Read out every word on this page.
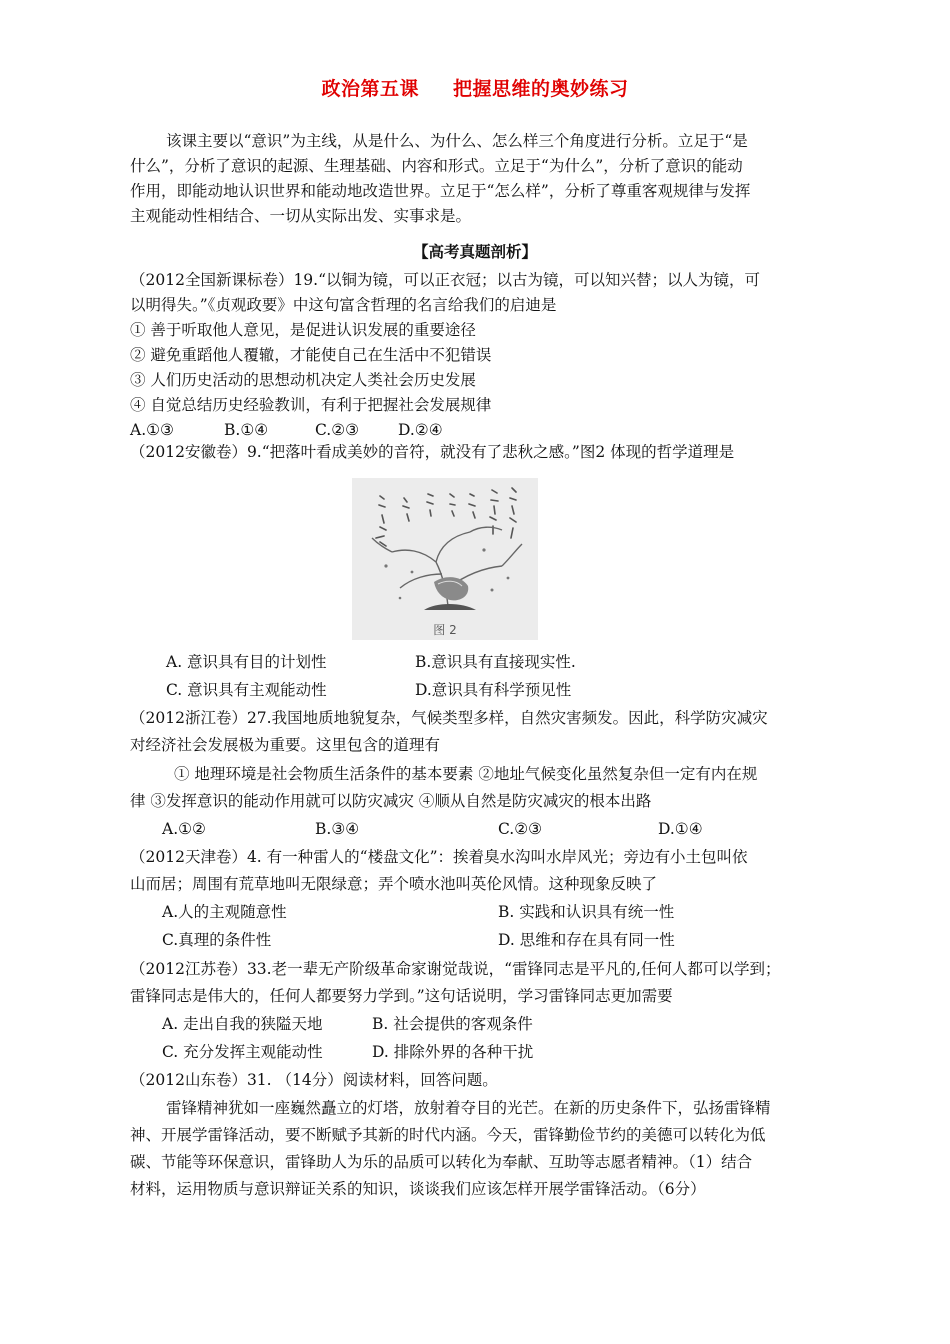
政治第五课 把握思维的奥妙练习
该课主要以“意识”为主线，从是什么、为什么、怎么样三个角度进行分析。立足于“是
什么”，分析了意识的起源、生理基础、内容和形式。立足于“为什么”，分析了意识的能动
作用，即能动地认识世界和能动地改造世界。立足于“怎么样”，分析了尊重客观规律与发挥
主观能动性相结合、一切从实际出发、实事求是。
【高考真题剖析】
（2012全国新课标卷）19.“以铜为镜，可以正衣冠；以古为镜，可以知兴替；以人为镜，可
以明得失。”《贞观政要》中这句富含哲理的名言给我们的启迪是
① 善于听取他人意见，是促进认识发展的重要途径
② 避免重蹈他人覆辙，才能使自己在生活中不犯错误
③ 人们历史活动的思想动机决定人类社会历史发展
④ 自觉总结历史经验教训，有利于把握社会发展规律
A.①③	B.①④	C.②③	D.②④
（2012安徽卷）9.“把落叶看成美妙的音符，就没有了悲秋之感。”图2 体现的哲学道理是
图 2
A. 意识具有目的计划性	B.意识具有直接现实性.
C. 意识具有主观能动性	D.意识具有科学预见性
（2012浙江卷）27.我国地质地貌复杂，气候类型多样，自然灾害频发。因此，科学防灾减灾
对经济社会发展极为重要。这里包含的道理有
① 地理环境是社会物质生活条件的基本要素 ②地址气候变化虽然复杂但一定有内在规
律 ③发挥意识的能动作用就可以防灾减灾 ④顺从自然是防灾减灾的根本出路
A.①②	B.③④	C.②③	D.①④
（2012天津卷）4. 有一种雷人的“楼盘文化”：挨着臭水沟叫水岸风光；旁边有小土包叫依
山而居；周围有荒草地叫无限绿意；弄个喷水池叫英伦风情。这种现象反映了
A.人的主观随意性	B. 实践和认识具有统一性
C.真理的条件性	D. 思维和存在具有同一性
（2012江苏卷）33.老一辈无产阶级革命家谢觉哉说，“雷锋同志是平凡的,任何人都可以学到；
雷锋同志是伟大的，任何人都要努力学到。”这句话说明，学习雷锋同志更加需要
A. 走出自我的狭隘天地	B. 社会提供的客观条件
C. 充分发挥主观能动性	D. 排除外界的各种干扰
（2012山东卷）31. （14分）阅读材料，回答问题。
雷锋精神犹如一座巍然矗立的灯塔，放射着夺目的光芒。在新的历史条件下，弘扬雷锋精
神、开展学雷锋活动，要不断赋予其新的时代内涵。今天，雷锋勤俭节约的美德可以转化为低
碳、节能等环保意识，雷锋助人为乐的品质可以转化为奉献、互助等志愿者精神。（1）结合
材料，运用物质与意识辩证关系的知识，谈谈我们应该怎样开展学雷锋活动。（6分）
